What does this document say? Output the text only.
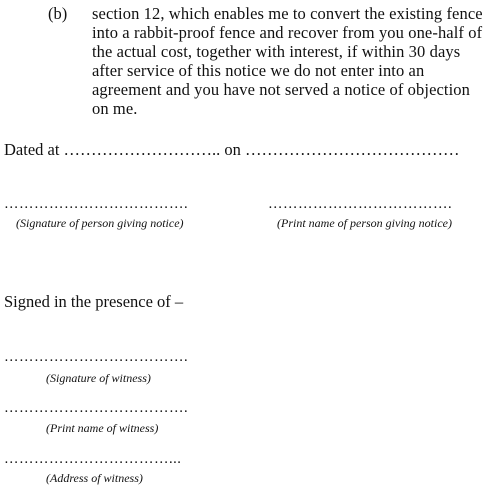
(b) section 12, which enables me to convert the existing fence
into a rabbit-proof fence and recover from you one-half of
the actual cost, together with interest, if within 30 days
after service of this notice we do not enter into an
agreement and you have not served a notice of objection
on me.
Dated at ……………………….. on …………………………………
……………………………….
(Signature of person giving notice)
……………………………….
(Print name of person giving notice)
Signed in the presence of –
……………………………….
(Signature of witness)
……………………………….
(Print name of witness)
……………………………...
(Address of witness)
